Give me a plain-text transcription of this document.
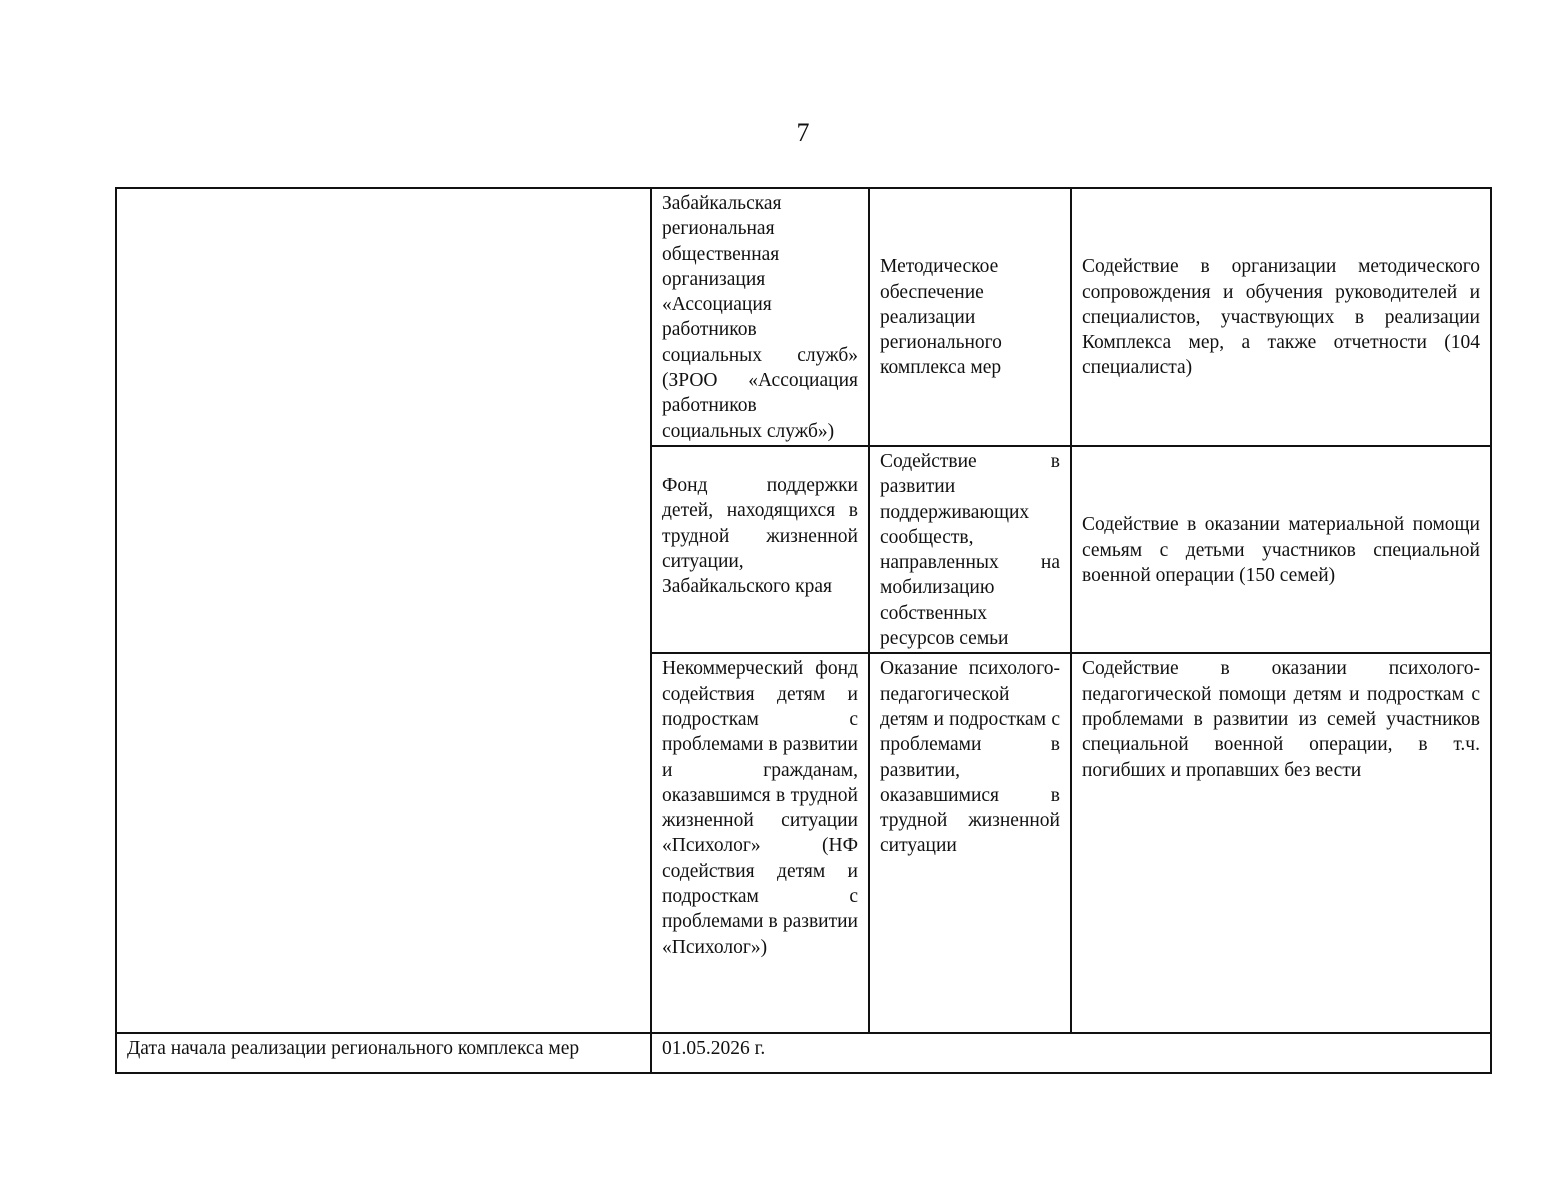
7
	Забайкальская региональная общественная организация «Ассоциация работников социальных служб» (ЗРОО «Ассоциация работников социальных служб»)	Методическое обеспечение реализации регионального комплекса мер	Содействие в организации методического сопровождения и обучения руководителей и специалистов, участвующих в реализации Комплекса мер, а также отчетности (104 специалиста)
	Фонд поддержки детей, находящихся в трудной жизненной ситуации, Забайкальского края	Содействие в развитии поддерживающих сообществ, направленных на мобилизацию собственных ресурсов семьи	Содействие в оказании материальной помощи семьям с детьми участников специальной военной операции (150 семей)
	Некоммерческий фонд содействия детям и подросткам с проблемами в развитии и гражданам, оказавшимся в трудной жизненной ситуации «Психолог» (НФ содействия детям и подросткам с проблемами в развитии «Психолог»)	Оказание психолого-педагогической детям и подросткам с проблемами в развитии, оказавшимися в трудной жизненной ситуации	Содействие в оказании психолого-педагогической помощи детям и подросткам с проблемами в развитии из семей участников специальной военной операции, в т.ч. погибших и пропавших без вести
Дата начала реализации регионального комплекса мер	01.05.2026 г.		
